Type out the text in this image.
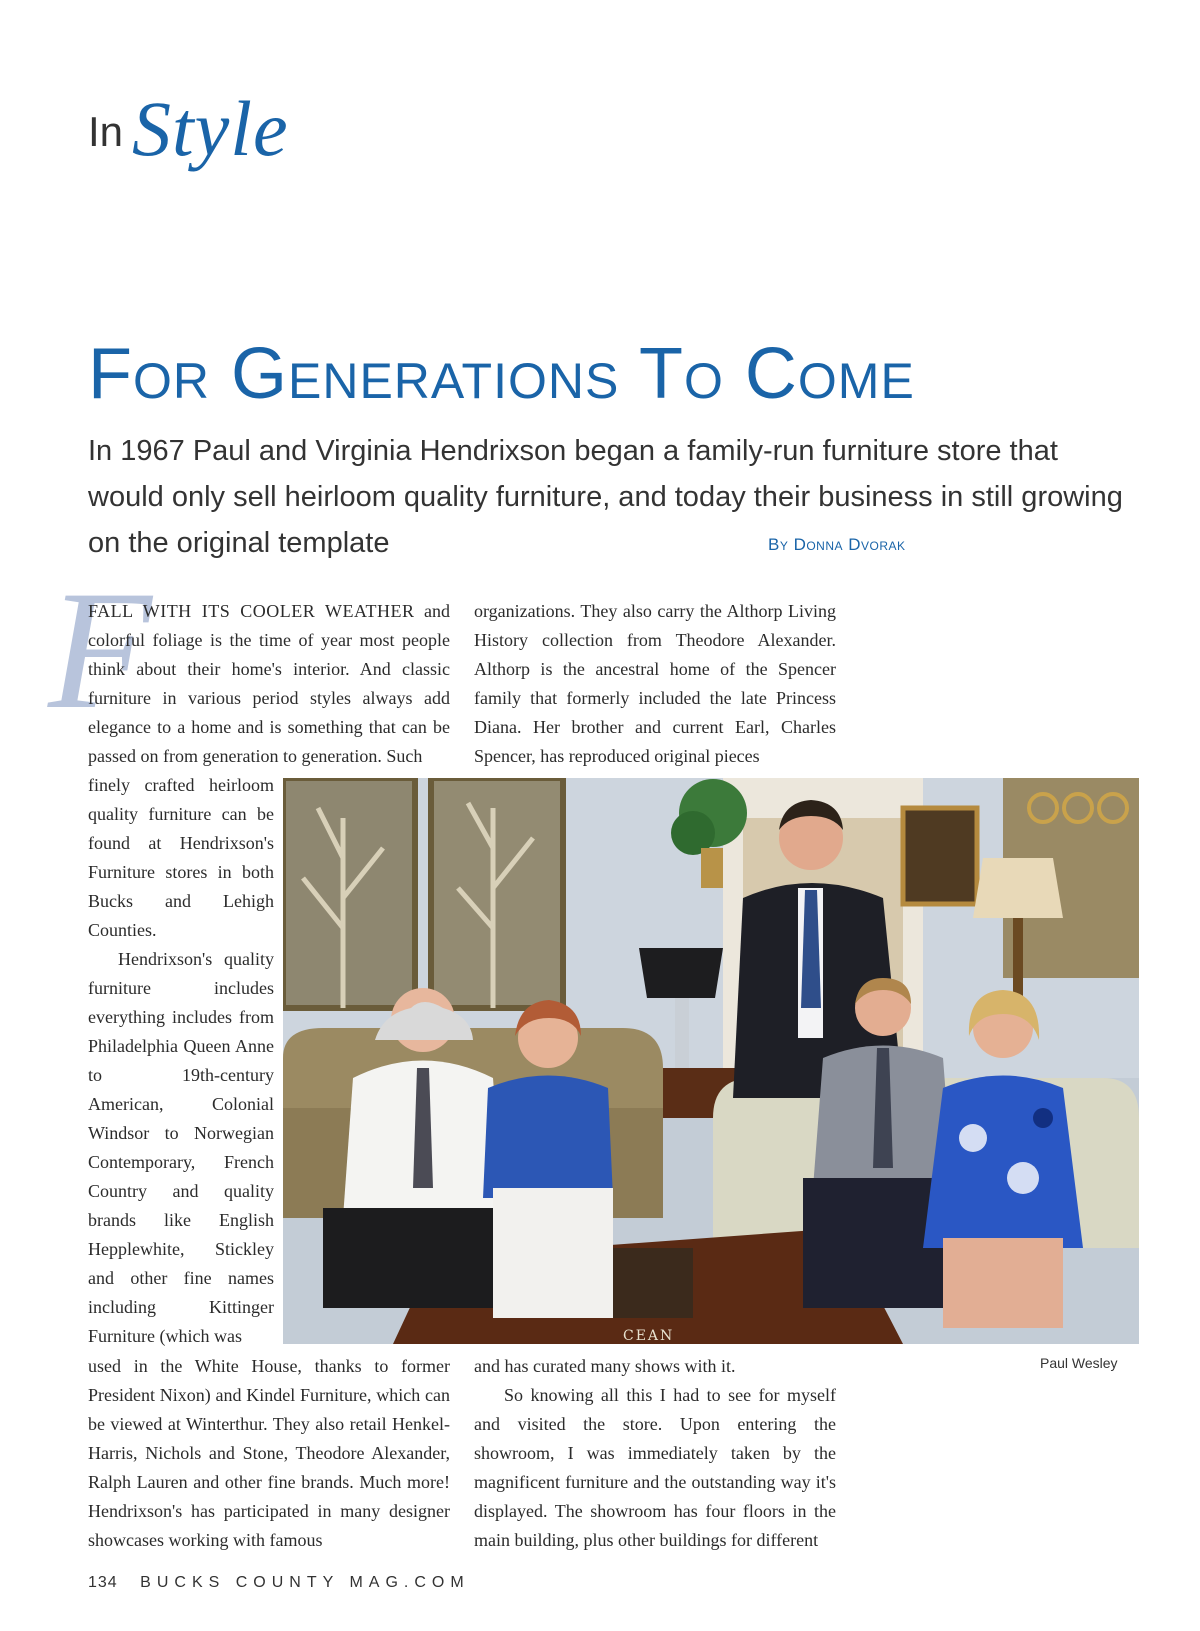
In Style
For Generations To Come
In 1967 Paul and Virginia Hendrixson began a family-run furniture store that would only sell heirloom quality furniture, and today their business in still growing on the original template	By Donna Dvorak
F

FALL WITH ITS COOLER WEATHER and colorful foliage is the time of year most people think about their home's interior. And classic furniture in various period styles always add elegance to a home and is something that can be passed on from generation to generation. Such

finely crafted heirloom quality furniture can be found at Hendrixson's Furniture stores in both Bucks and Lehigh Counties.

Hendrixson's quality furniture includes everything includes from Philadelphia Queen Anne to 19th-century American, Colonial Windsor to Norwegian Contemporary, French Country and quality brands like English Hepplewhite, Stickley and other fine names including Kittinger Furniture (which was

used in the White House, thanks to former President Nixon) and Kindel Furniture, which can be viewed at Winterthur. They also retail Henkel-Harris, Nichols and Stone, Theodore Alexander, Ralph Lauren and other fine brands. Much more! Hendrixson's has participated in many designer showcases working with famous

organizations. They also carry the Althorp Living History collection from Theodore Alexander. Althorp is the ancestral home of the Spencer family that formerly included the late Princess Diana. Her brother and current Earl, Charles Spencer, has reproduced original pieces

and has curated many shows with it.

So knowing all this I had to see for myself and visited the store. Upon entering the showroom, I was immediately taken by the magnificent furniture and the outstanding way it's displayed. The showroom has four floors in the main building, plus other buildings for different

CEAN
Paul Wesley
134 BUCKS COUNTY MAG.COM
